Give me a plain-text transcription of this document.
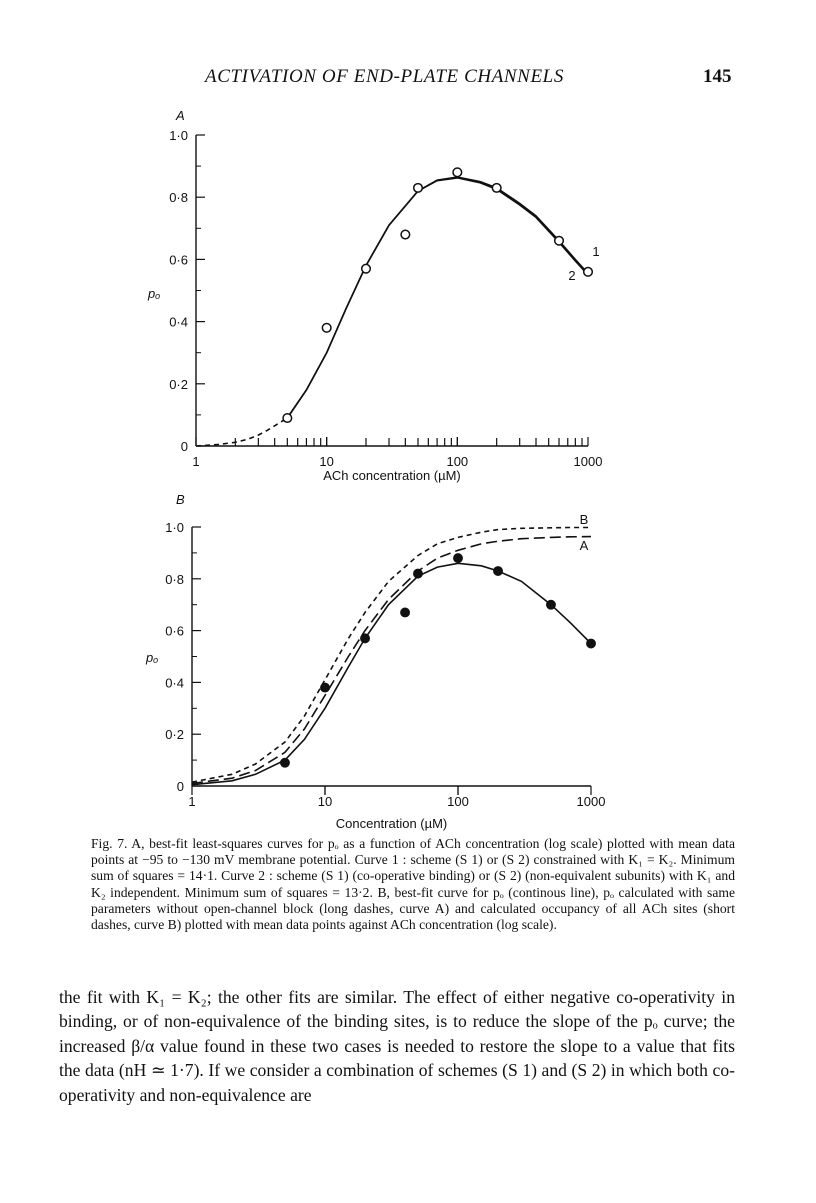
ACTIVATION OF END-PLATE CHANNELS	145
A
0
0·2
0·4
0·6
0·8
1·0
1	10	100	1000
ACh concentration (µM)
pₒ
1
2
B
0
0·2
0·4
0·6
0·8
1·0
1	10	100	1000
Concentration (µM)
pₒ
B
A
Fig. 7. A, best-fit least-squares curves for pₒ as a function of ACh concentration (log scale) plotted with mean data points at −95 to −130 mV membrane potential. Curve 1 : scheme (S 1) or (S 2) constrained with K₁ = K₂. Minimum sum of squares = 14·1. Curve 2 : scheme (S 1) (co-operative binding) or (S 2) (non-equivalent subunits) with K₁ and K₂ independent. Minimum sum of squares = 13·2. B, best-fit curve for pₒ (continous line), pₒ calculated with same parameters without open-channel block (long dashes, curve A) and calculated occupancy of all ACh sites (short dashes, curve B) plotted with mean data points against ACh concentration (log scale).

the fit with K₁ = K₂; the other fits are similar. The effect of either negative co-operativity in binding, or of non-equivalence of the binding sites, is to reduce the slope of the pₒ curve; the increased β/α value found in these two cases is needed to restore the slope to a value that fits the data (nH ≃ 1·7). If we consider a combination of schemes (S 1) and (S 2) in which both co-operativity and non-equivalence are
